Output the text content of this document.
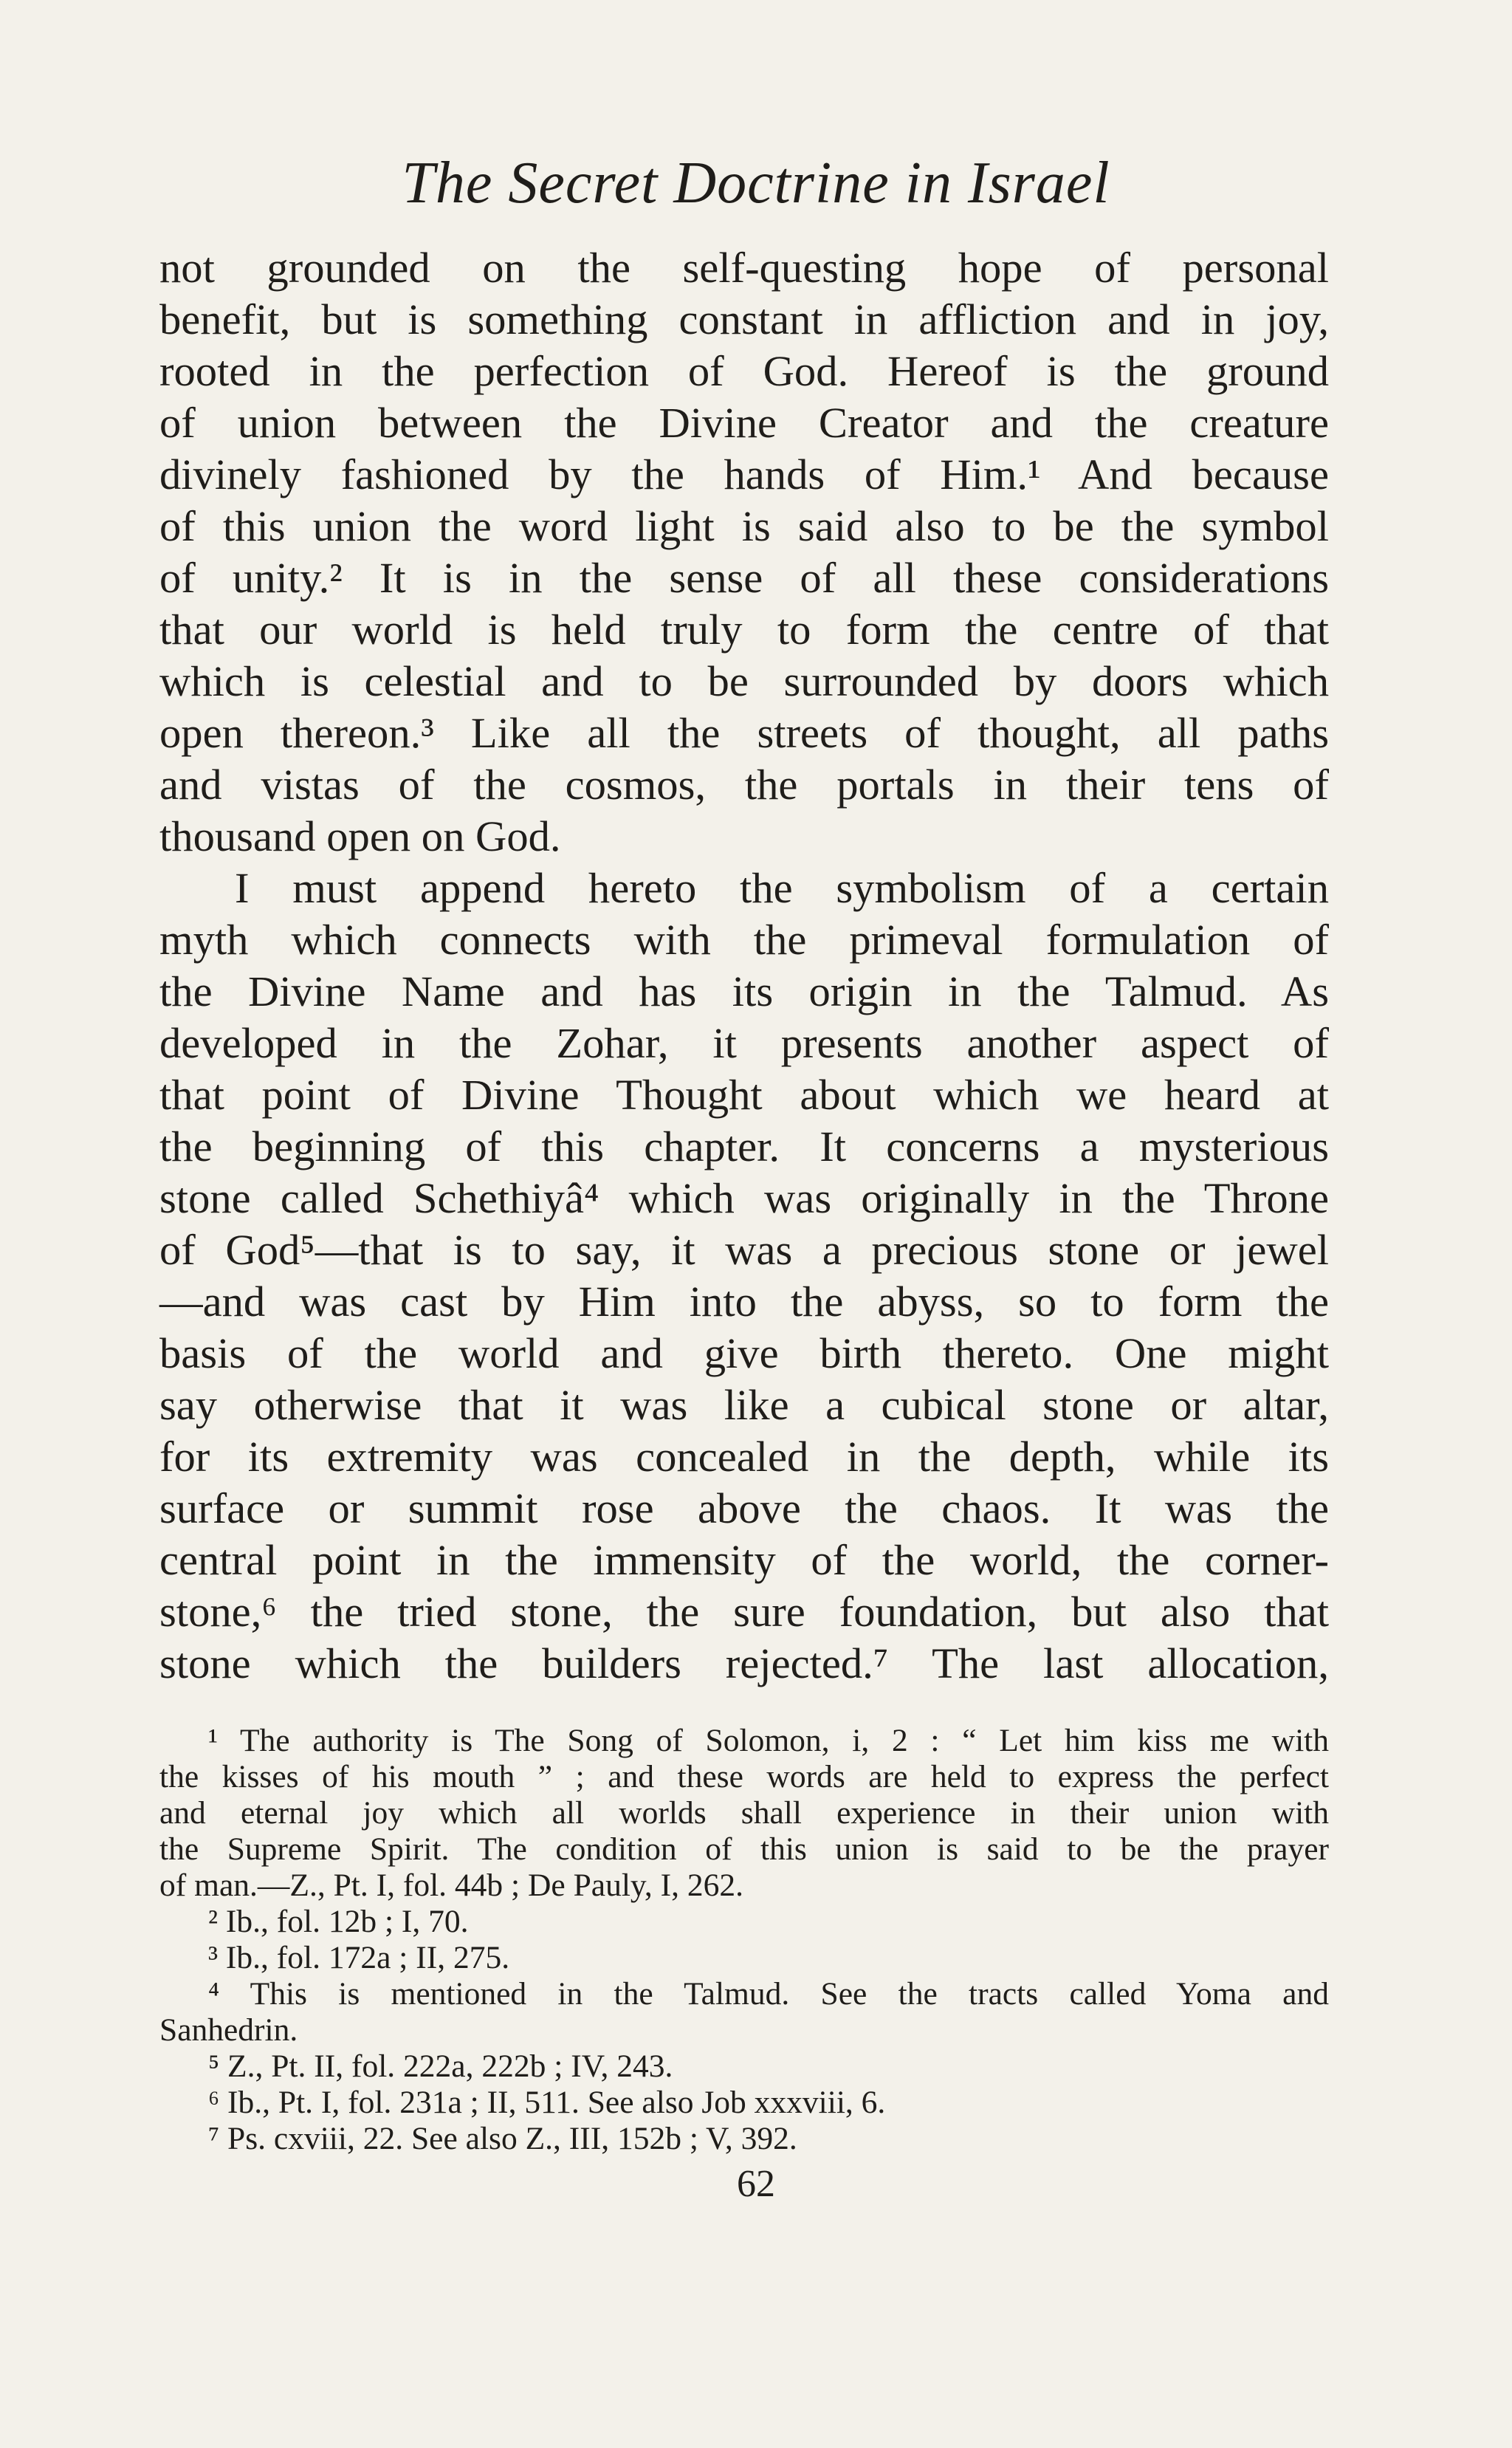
The Secret Doctrine in Israel
not grounded on the self-questing hope of personal
benefit, but is something constant in affliction and in joy,
rooted in the perfection of God. Hereof is the ground
of union between the Divine Creator and the creature
divinely fashioned by the hands of Him.¹ And because
of this union the word light is said also to be the symbol
of unity.² It is in the sense of all these considerations
that our world is held truly to form the centre of that
which is celestial and to be surrounded by doors which
open thereon.³ Like all the streets of thought, all paths
and vistas of the cosmos, the portals in their tens of
thousand open on God.
I must append hereto the symbolism of a certain
myth which connects with the primeval formulation of
the Divine Name and has its origin in the Talmud. As
developed in the Zohar, it presents another aspect of
that point of Divine Thought about which we heard at
the beginning of this chapter. It concerns a mysterious
stone called Schethiyâ⁴ which was originally in the Throne
of God⁵—that is to say, it was a precious stone or jewel
—and was cast by Him into the abyss, so to form the
basis of the world and give birth thereto. One might
say otherwise that it was like a cubical stone or altar,
for its extremity was concealed in the depth, while its
surface or summit rose above the chaos. It was the
central point in the immensity of the world, the corner-
stone,⁶ the tried stone, the sure foundation, but also that
stone which the builders rejected.⁷ The last allocation,
¹ The authority is The Song of Solomon, i, 2 : “ Let him kiss me with
the kisses of his mouth ” ; and these words are held to express the perfect
and eternal joy which all worlds shall experience in their union with
the Supreme Spirit. The condition of this union is said to be the prayer
of man.—Z., Pt. I, fol. 44b ; De Pauly, I, 262.
² Ib., fol. 12b ; I, 70.
³ Ib., fol. 172a ; II, 275.
⁴ This is mentioned in the Talmud. See the tracts called Yoma and
Sanhedrin.
⁵ Z., Pt. II, fol. 222a, 222b ; IV, 243.
⁶ Ib., Pt. I, fol. 231a ; II, 511. See also Job xxxviii, 6.
⁷ Ps. cxviii, 22. See also Z., III, 152b ; V, 392.
62
